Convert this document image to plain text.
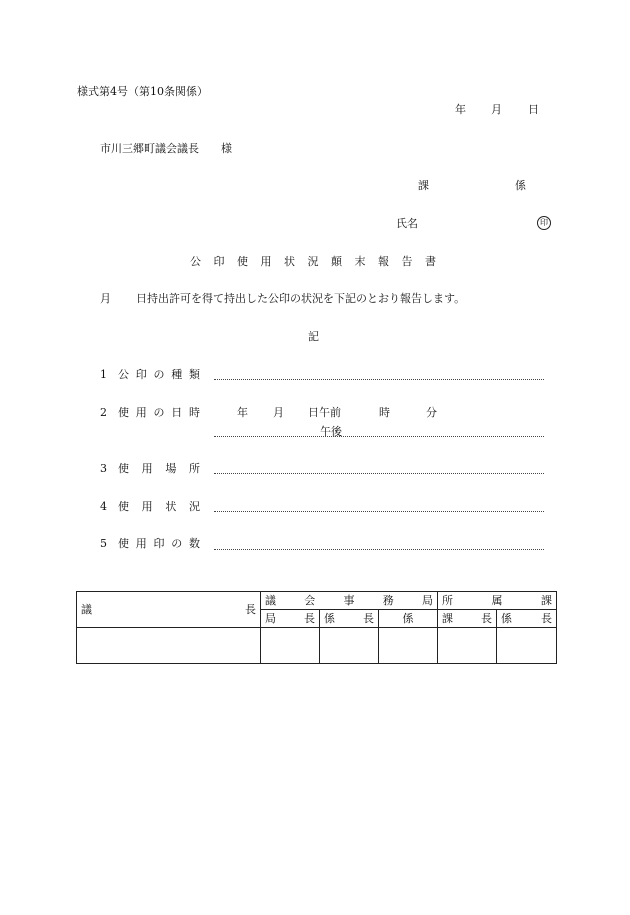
様式第4号（第10条関係）
年 月 日
市川三郷町議会議長　　様
課	係
氏名	印
公 印 使 用 状 況 顛 末 報 告 書
月 日持出許可を得て持出した公印の状況を下記のとおり報告します。
記
1 公 印 の 種 類
2 使 用 の 日 時	年 月 日午前	時	分
午後
3 使 用 場 所
4 使 用 状 況
5 使 用 印 の 数
議 長	議 会 事 務 局			所 属 課	

	局 長	係 長	係	課 長	係 長
